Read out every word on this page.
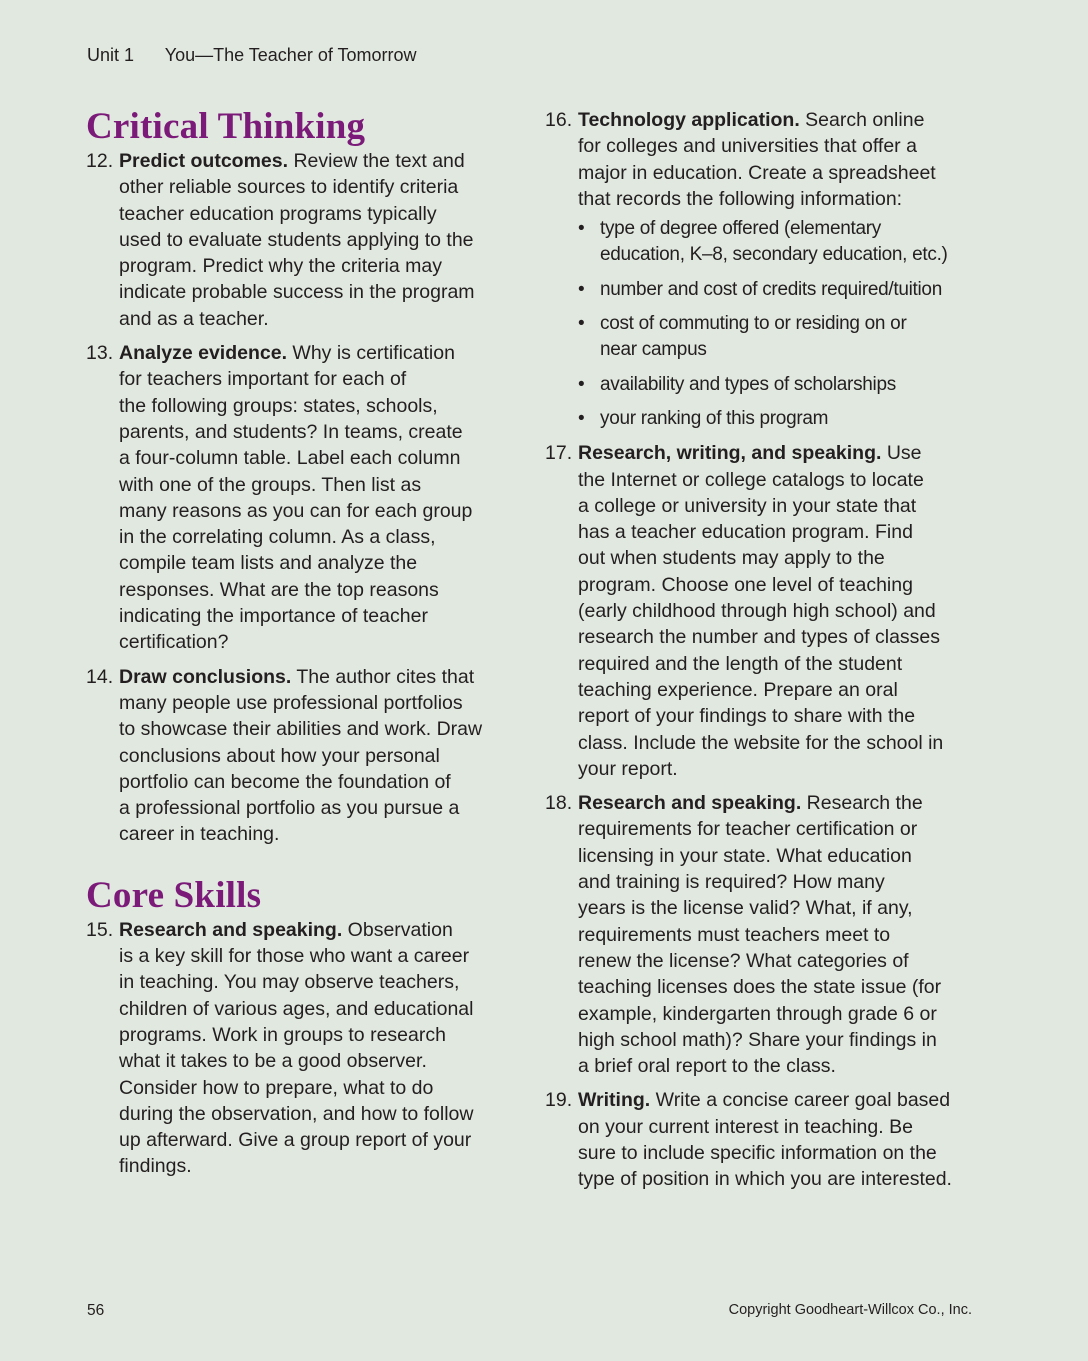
Unit 1 You—The Teacher of Tomorrow
Critical Thinking
12. Predict outcomes. Review the text and
other reliable sources to identify criteria
teacher education programs typically
used to evaluate students applying to the
program. Predict why the criteria may
indicate probable success in the program
and as a teacher.
13. Analyze evidence. Why is certification
for teachers important for each of
the following groups: states, schools,
parents, and students? In teams, create
a four-column table. Label each column
with one of the groups. Then list as
many reasons as you can for each group
in the correlating column. As a class,
compile team lists and analyze the
responses. What are the top reasons
indicating the importance of teacher
certification?
14. Draw conclusions. The author cites that
many people use professional portfolios
to showcase their abilities and work. Draw
conclusions about how your personal
portfolio can become the foundation of
a professional portfolio as you pursue a
career in teaching.
Core Skills
15. Research and speaking. Observation
is a key skill for those who want a career
in teaching. You may observe teachers,
children of various ages, and educational
programs. Work in groups to research
what it takes to be a good observer.
Consider how to prepare, what to do
during the observation, and how to follow
up afterward. Give a group report of your
findings.
16. Technology application. Search online
for colleges and universities that offer a
major in education. Create a spreadsheet
that records the following information:
• type of degree offered (elementary
education, K–8, secondary education, etc.)
• number and cost of credits required/tuition
• cost of commuting to or residing on or
near campus
• availability and types of scholarships
• your ranking of this program
17. Research, writing, and speaking. Use
the Internet or college catalogs to locate
a college or university in your state that
has a teacher education program. Find
out when students may apply to the
program. Choose one level of teaching
(early childhood through high school) and
research the number and types of classes
required and the length of the student
teaching experience. Prepare an oral
report of your findings to share with the
class. Include the website for the school in
your report.
18. Research and speaking. Research the
requirements for teacher certification or
licensing in your state. What education
and training is required? How many
years is the license valid? What, if any,
requirements must teachers meet to
renew the license? What categories of
teaching licenses does the state issue (for
example, kindergarten through grade 6 or
high school math)? Share your findings in
a brief oral report to the class.
19. Writing. Write a concise career goal based
on your current interest in teaching. Be
sure to include specific information on the
type of position in which you are interested.
56	Copyright Goodheart-Willcox Co., Inc.
